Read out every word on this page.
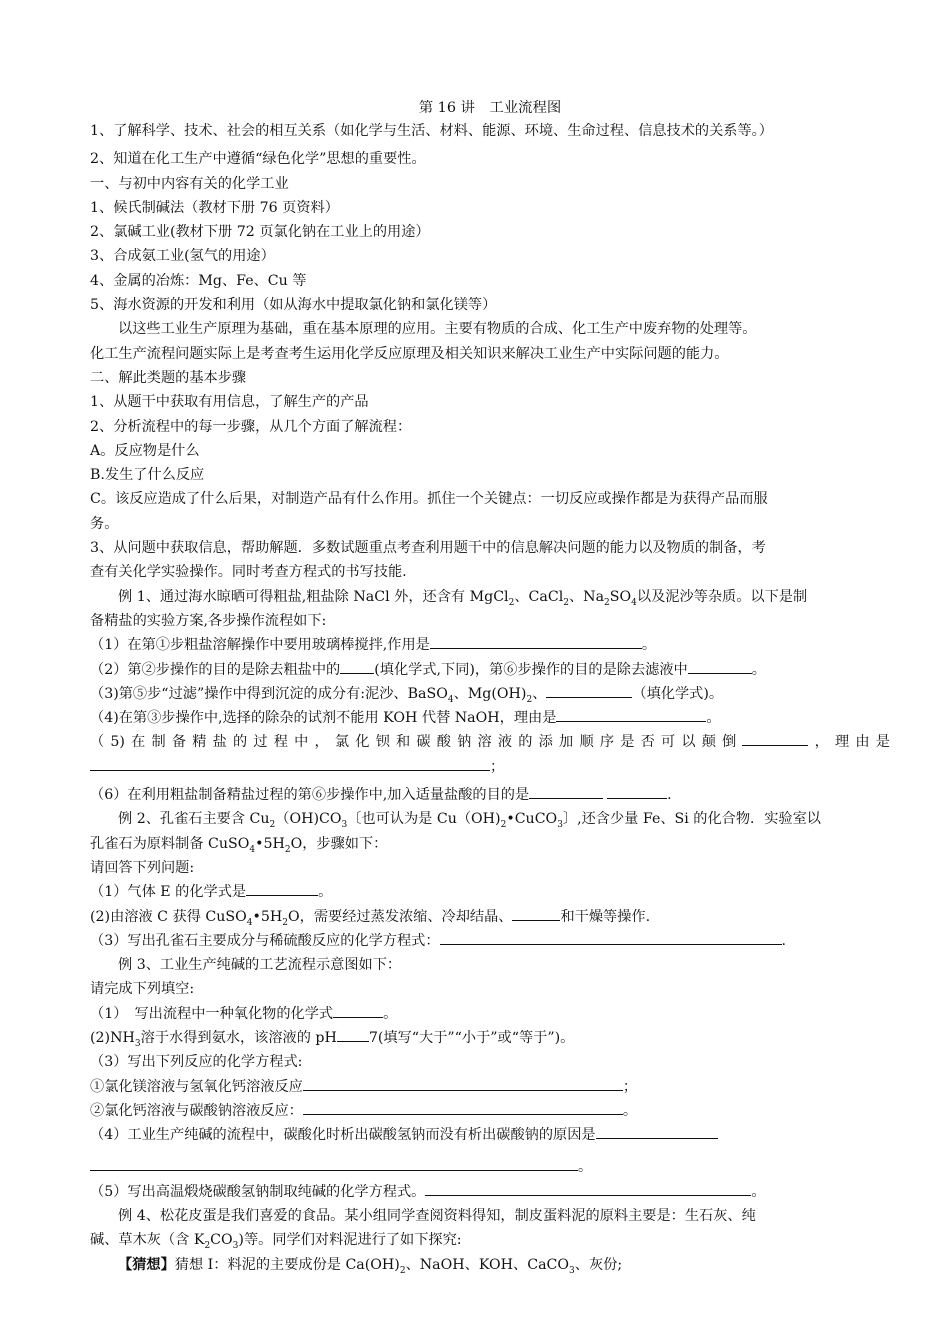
第 16 讲　工业流程图
1、了解科学、技术、社会的相互关系（如化学与生活、材料、能源、环境、生命过程、信息技术的关系等。）
2、知道在化工生产中遵循“绿色化学”思想的重要性。
一、与初中内容有关的化学工业
1、候氏制碱法（教材下册 76 页资料）
2、氯碱工业(教材下册 72 页氯化钠在工业上的用途）
3、合成氨工业(氢气的用途）
4、金属的冶炼：Mg、Fe、Cu 等
5、海水资源的开发和利用（如从海水中提取氯化钠和氯化镁等）
以这些工业生产原理为基础，重在基本原理的应用。主要有物质的合成、化工生产中废弃物的处理等。
化工生产流程问题实际上是考查考生运用化学反应原理及相关知识来解决工业生产中实际问题的能力。
二、解此类题的基本步骤
1、从题干中获取有用信息，了解生产的产品
2、分析流程中的每一步骤，从几个方面了解流程：
A。反应物是什么
B.发生了什么反应
C。该反应造成了什么后果，对制造产品有什么作用。抓住一个关键点：一切反应或操作都是为获得产品而服
务。
3、从问题中获取信息，帮助解题．多数试题重点考查利用题干中的信息解决问题的能力以及物质的制备，考
查有关化学实验操作。同时考查方程式的书写技能.
例 1、通过海水晾晒可得粗盐,粗盐除 NaCl 外，还含有 MgCl$_2$、CaCl$_2$、$Na_2SO_4$以及泥沙等杂质。以下是制
备精盐的实验方案,各步操作流程如下:
（1）在第①步粗盐溶解操作中要用玻璃棒搅拌,作用是	。
（2）第②步操作的目的是除去粗盐中的 (填化学式,下同)，第⑥步操作的目的是除去滤液中	。
（3)第⑤步“过滤”操作中得到沉淀的成分有:泥沙、BaSO$_4$、$Mg(OH)_2$、	（填化学式)。
（4)在第③步操作中,选择的除杂的试剂不能用 KOH 代替 NaOH，理由是	。
（5)在制备精盐的过程中，氯化钡和碳酸钠溶液的添加顺序是否可以颠倒	，理由是
；
（6）在利用粗盐制备精盐过程的第⑥步操作中,加入适量盐酸的目的是	.
例 2、孔雀石主要含 $Cu_2(OH)CO_3$〔也可认为是 $Cu(OH)_2•CuCO_3$〕,还含少量 Fe、Si 的化合物．实验室以
孔雀石为原料制备 $CuSO_4•5H_2O$，步骤如下：
请回答下列问题:
（1）气体 E 的化学式是	。
(2)由溶液 C 获得 $CuSO_4•5H_2O$，需要经过蒸发浓缩、冷却结晶、	和干燥等操作.
（3）写出孔雀石主要成分与稀硫酸反应的化学方程式：	.
例 3、工业生产纯碱的工艺流程示意图如下：
请完成下列填空:
（1）　写出流程中一种氧化物的化学式	。
$(2)NH_3$溶于水得到氨水，该溶液的 pH 7(填写“大于”“小于”或“等于”)。
（3）写出下列反应的化学方程式:
①氯化镁溶液与氢氧化钙溶液反应	；
②氯化钙溶液与碳酸钠溶液反应：	。
（4）工业生产纯碱的流程中，碳酸化时析出碳酸氢钠而没有析出碳酸钠的原因是
。
（5）写出高温煅烧碳酸氢钠制取纯碱的化学方程式。	。
例 4、松花皮蛋是我们喜爱的食品。某小组同学查阅资料得知，制皮蛋料泥的原料主要是：生石灰、纯
碱、草木灰（含 $K_2CO_3$)等。同学们对料泥进行了如下探究:
【猜想】猜想 I：料泥的主要成份是 $Ca(OH)_2$、NaOH、KOH、CaCO$_3$、灰份;
